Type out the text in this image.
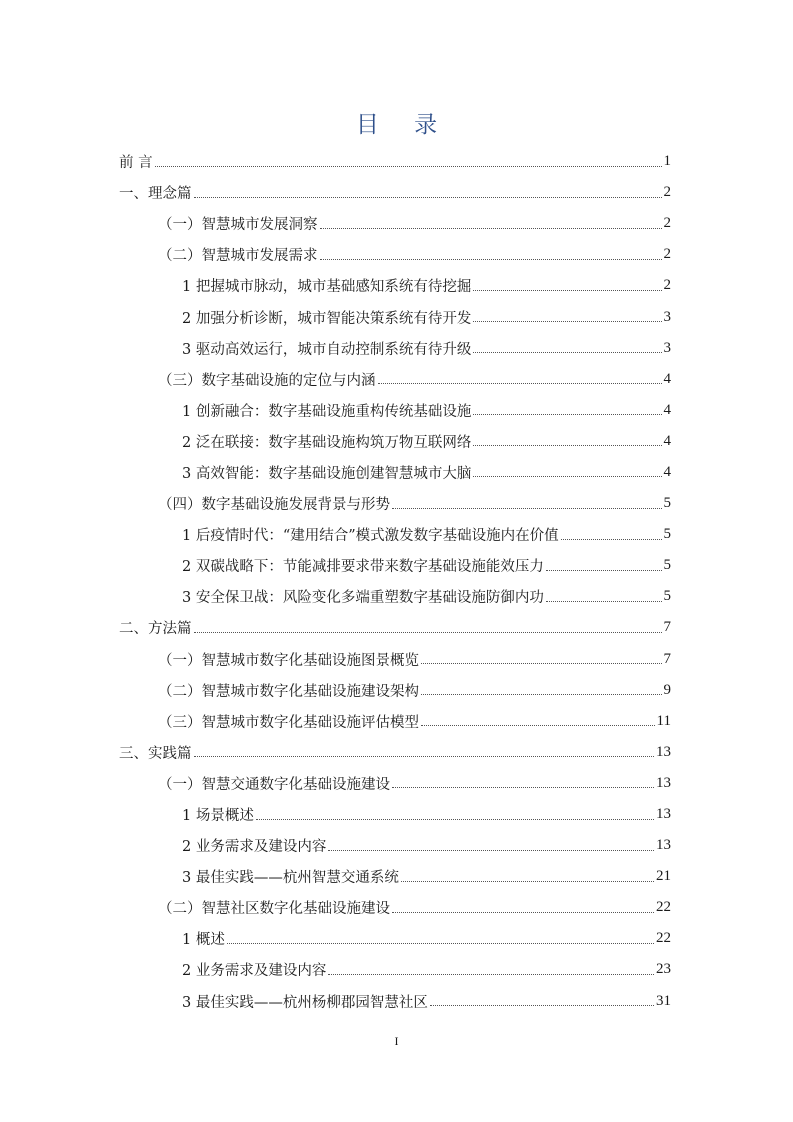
目 录
前 言	1
一、理念篇	2
（一）智慧城市发展洞察	2
（二）智慧城市发展需求	2
1 把握城市脉动，城市基础感知系统有待挖掘	2
2 加强分析诊断，城市智能决策系统有待开发	3
3 驱动高效运行，城市自动控制系统有待升级	3
（三）数字基础设施的定位与内涵	4
1 创新融合：数字基础设施重构传统基础设施	4
2 泛在联接：数字基础设施构筑万物互联网络	4
3 高效智能：数字基础设施创建智慧城市大脑	4
（四）数字基础设施发展背景与形势	5
1 后疫情时代：“建用结合”模式激发数字基础设施内在价值	5
2 双碳战略下：节能减排要求带来数字基础设施能效压力	5
3 安全保卫战：风险变化多端重塑数字基础设施防御内功	5
二、方法篇	7
（一）智慧城市数字化基础设施图景概览	7
（二）智慧城市数字化基础设施建设架构	9
（三）智慧城市数字化基础设施评估模型	11
三、实践篇	13
（一）智慧交通数字化基础设施建设	13
1 场景概述	13
2 业务需求及建设内容	13
3 最佳实践——杭州智慧交通系统	21
（二）智慧社区数字化基础设施建设	22
1 概述	22
2 业务需求及建设内容	23
3 最佳实践——杭州杨柳郡园智慧社区	31
I
